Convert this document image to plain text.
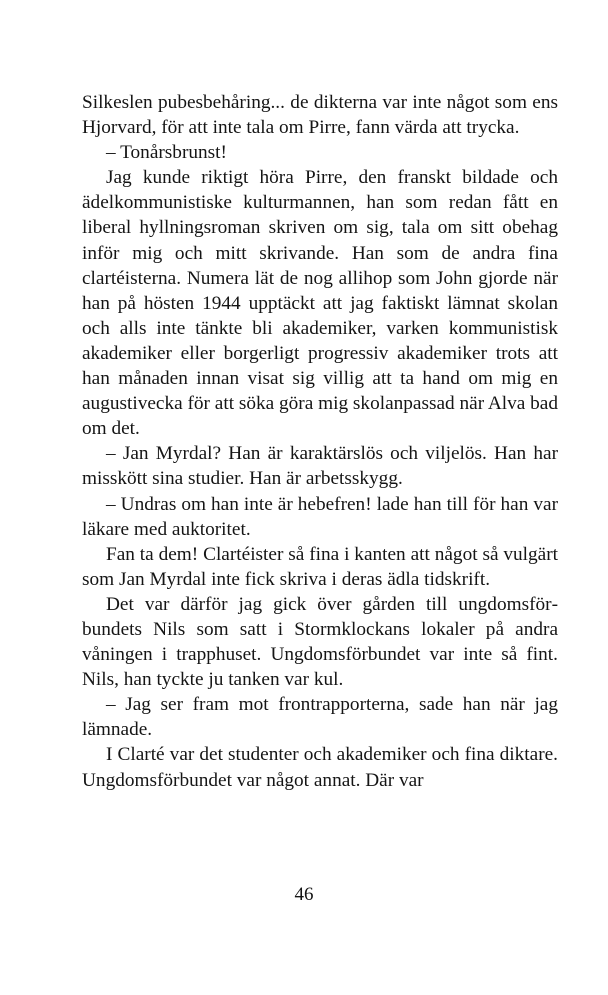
Silkeslen pubesbehåring... de dikterna var inte något som ens Hjorvard, för att inte tala om Pirre, fann värda att trycka.

– Tonårsbrunst!

Jag kunde riktigt höra Pirre, den franskt bildade och ädelkommunistiske kulturmannen, han som redan fått en liberal hyllningsroman skriven om sig, tala om sitt obehag inför mig och mitt skrivande. Han som de andra fina clartéisterna. Numera lät de nog allihop som John gjorde när han på hösten 1944 upptäckt att jag faktiskt lämnat skolan och alls inte tänkte bli akademiker, varken kommunistisk akademiker eller borgerligt progressiv akademiker trots att han månaden innan visat sig villig att ta hand om mig en augustivecka för att söka göra mig skolanpassad när Alva bad om det.

– Jan Myrdal? Han är karaktärslös och viljelös. Han har misskött sina studier. Han är arbetsskygg.

– Undras om han inte är hebefren! lade han till för han var läkare med auktoritet.

Fan ta dem! Clartéister så fina i kanten att något så vulgärt som Jan Myrdal inte fick skriva i deras ädla tidskrift.

Det var därför jag gick över gården till ungdomsförbundets Nils som satt i Stormklockans lokaler på andra våningen i trapphuset. Ungdomsförbundet var inte så fint. Nils, han tyckte ju tanken var kul.

– Jag ser fram mot frontrapporterna, sade han när jag lämnade.

I Clarté var det studenter och akademiker och fina diktare. Ungdomsförbundet var något annat. Där var

46
